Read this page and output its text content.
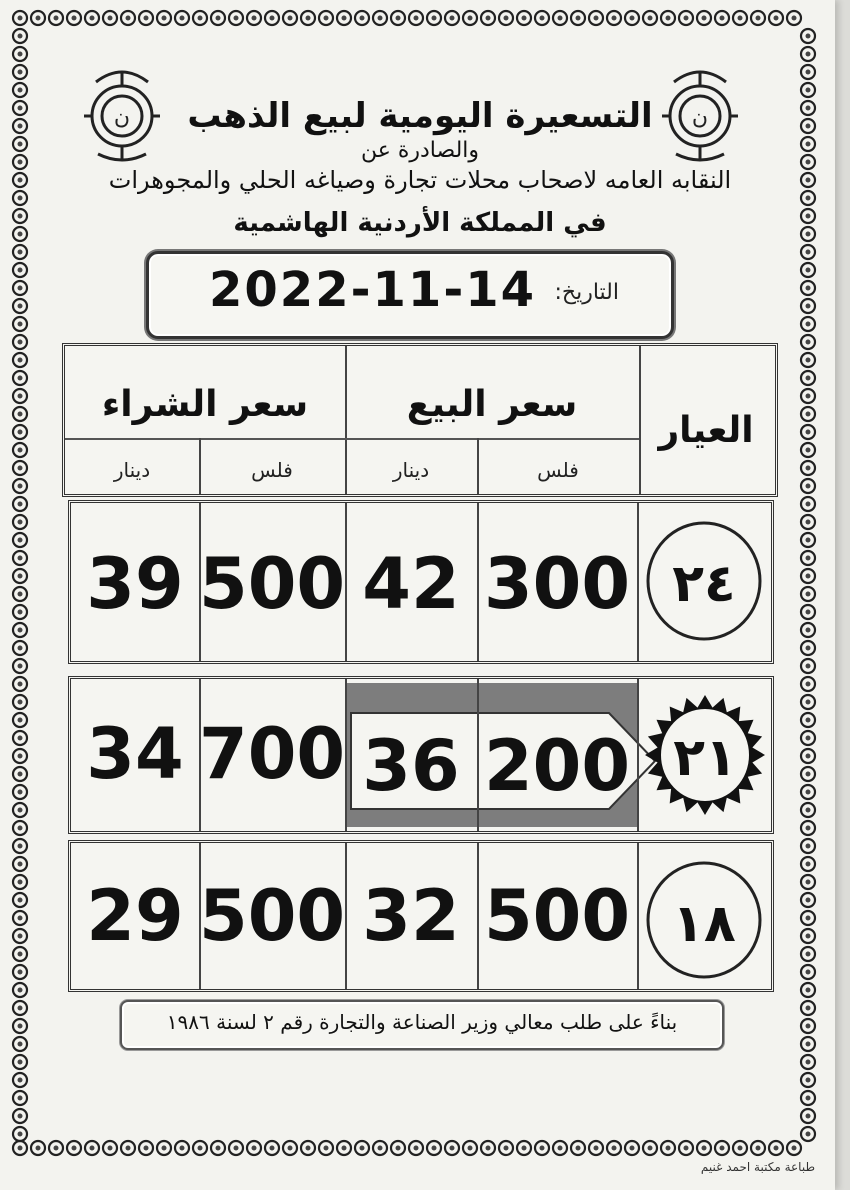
ن	ن
التسعيرة اليومية لبيع الذهب
والصادرة عن
النقابه العامه لاصحاب محلات تجارة وصياغه الحلي والمجوهرات
في المملكة الأردنية الهاشمية
2022-11-14 التاريخ:
سعر الشراء	سعر البيع
العيار
دينار	فلس	دينار	فلس
39 500 42 300 ٢٤
34 700 36 200 ٢١
29 500 32 500 ١٨
بناءً على طلب معالي وزير الصناعة والتجارة رقم ٢ لسنة ١٩٨٦
طباعة مكتبة احمد غنيم
